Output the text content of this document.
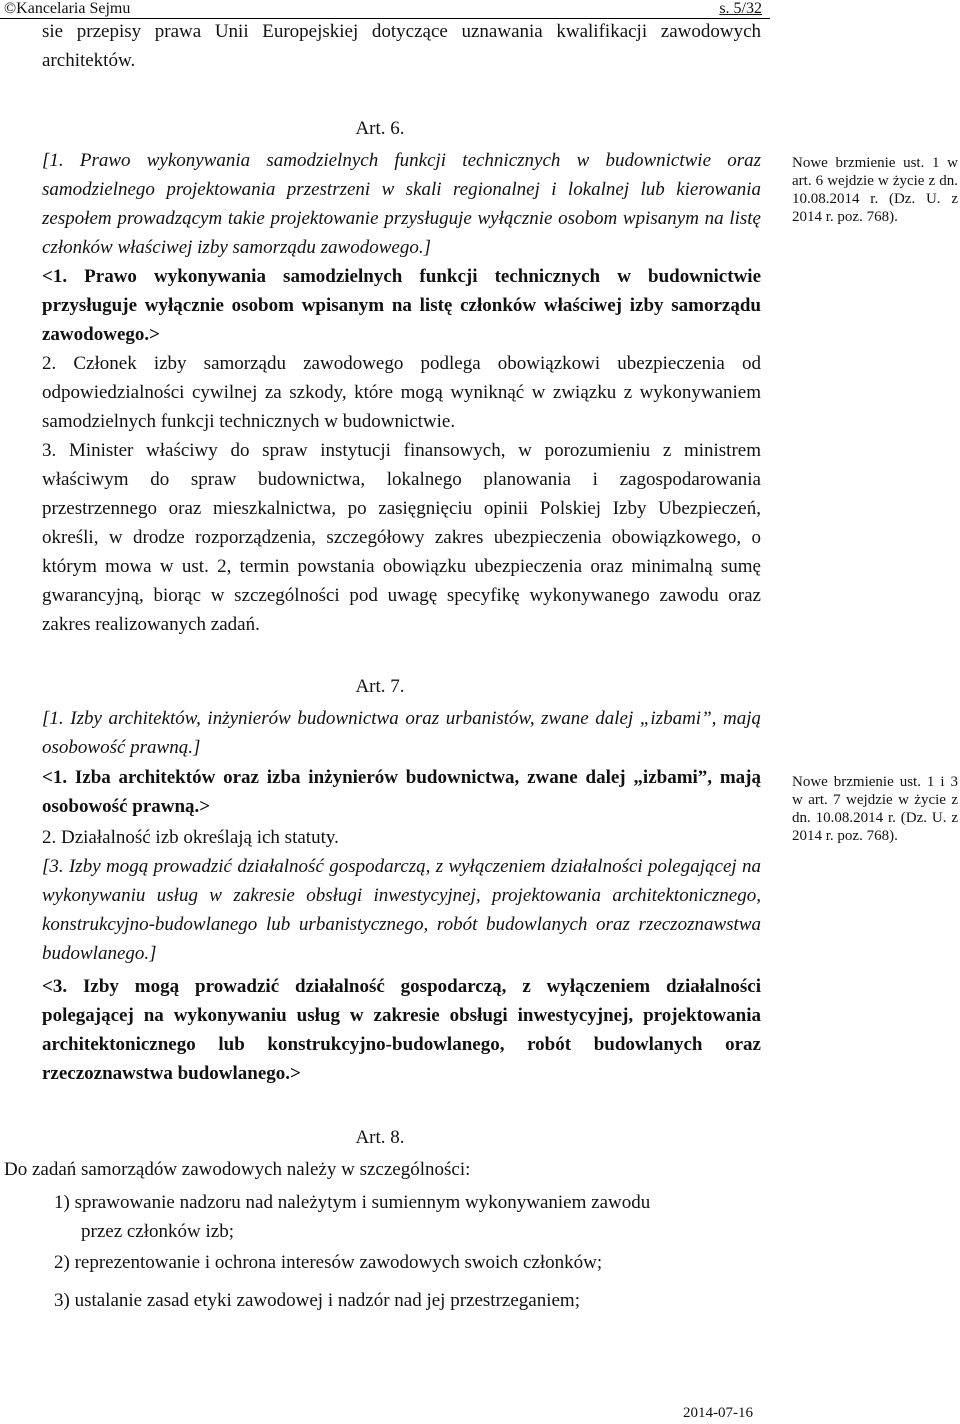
©Kancelaria Sejmu	s. 5/32
sie przepisy prawa Unii Europejskiej dotyczące uznawania kwalifikacji zawodowych architektów.
Art. 6.
[1. Prawo wykonywania samodzielnych funkcji technicznych w budownictwie oraz samodzielnego projektowania przestrzeni w skali regionalnej i lokalnej lub kierowania zespołem prowadzącym takie projektowanie przysługuje wyłącznie osobom wpisanym na listę członków właściwej izby samorządu zawodowego.]
<1. Prawo wykonywania samodzielnych funkcji technicznych w budownictwie przysługuje wyłącznie osobom wpisanym na listę członków właściwej izby samorządu zawodowego.>
2. Członek izby samorządu zawodowego podlega obowiązkowi ubezpieczenia od odpowiedzialności cywilnej za szkody, które mogą wyniknąć w związku z wykonywaniem samodzielnych funkcji technicznych w budownictwie.
3. Minister właściwy do spraw instytucji finansowych, w porozumieniu z ministrem właściwym do spraw budownictwa, lokalnego planowania i zagospodarowania przestrzennego oraz mieszkalnictwa, po zasięgnięciu opinii Polskiej Izby Ubezpieczeń, określi, w drodze rozporządzenia, szczegółowy zakres ubezpieczenia obowiązkowego, o którym mowa w ust. 2, termin powstania obowiązku ubezpieczenia oraz minimalną sumę gwarancyjną, biorąc w szczególności pod uwagę specyfikę wykonywanego zawodu oraz zakres realizowanych zadań.
Nowe brzmienie ust. 1 w art. 6 wejdzie w życie z dn. 10.08.2014 r. (Dz. U. z 2014 r. poz. 768).
Art. 7.
[1. Izby architektów, inżynierów budownictwa oraz urbanistów, zwane dalej „izbami”, mają osobowość prawną.]
<1. Izba architektów oraz izba inżynierów budownictwa, zwane dalej „izbami”, mają osobowość prawną.>
2. Działalność izb określają ich statuty.
[3. Izby mogą prowadzić działalność gospodarczą, z wyłączeniem działalności polegającej na wykonywaniu usług w zakresie obsługi inwestycyjnej, projektowania architektonicznego, konstrukcyjno-budowlanego lub urbanistycznego, robót budowlanych oraz rzeczoznawstwa budowlanego.]
<3. Izby mogą prowadzić działalność gospodarczą, z wyłączeniem działalności polegającej na wykonywaniu usług w zakresie obsługi inwestycyjnej, projektowania architektonicznego lub konstrukcyjno-budowlanego, robót budowlanych oraz rzeczoznawstwa budowlanego.>
Nowe brzmienie ust. 1 i 3 w art. 7 wejdzie w życie z dn. 10.08.2014 r. (Dz. U. z 2014 r. poz. 768).
Art. 8.
Do zadań samorządów zawodowych należy w szczególności:
1) sprawowanie nadzoru nad należytym i sumiennym wykonywaniem zawodu
przez członków izb;
2) reprezentowanie i ochrona interesów zawodowych swoich członków;
3) ustalanie zasad etyki zawodowej i nadzór nad jej przestrzeganiem;
2014-07-16
